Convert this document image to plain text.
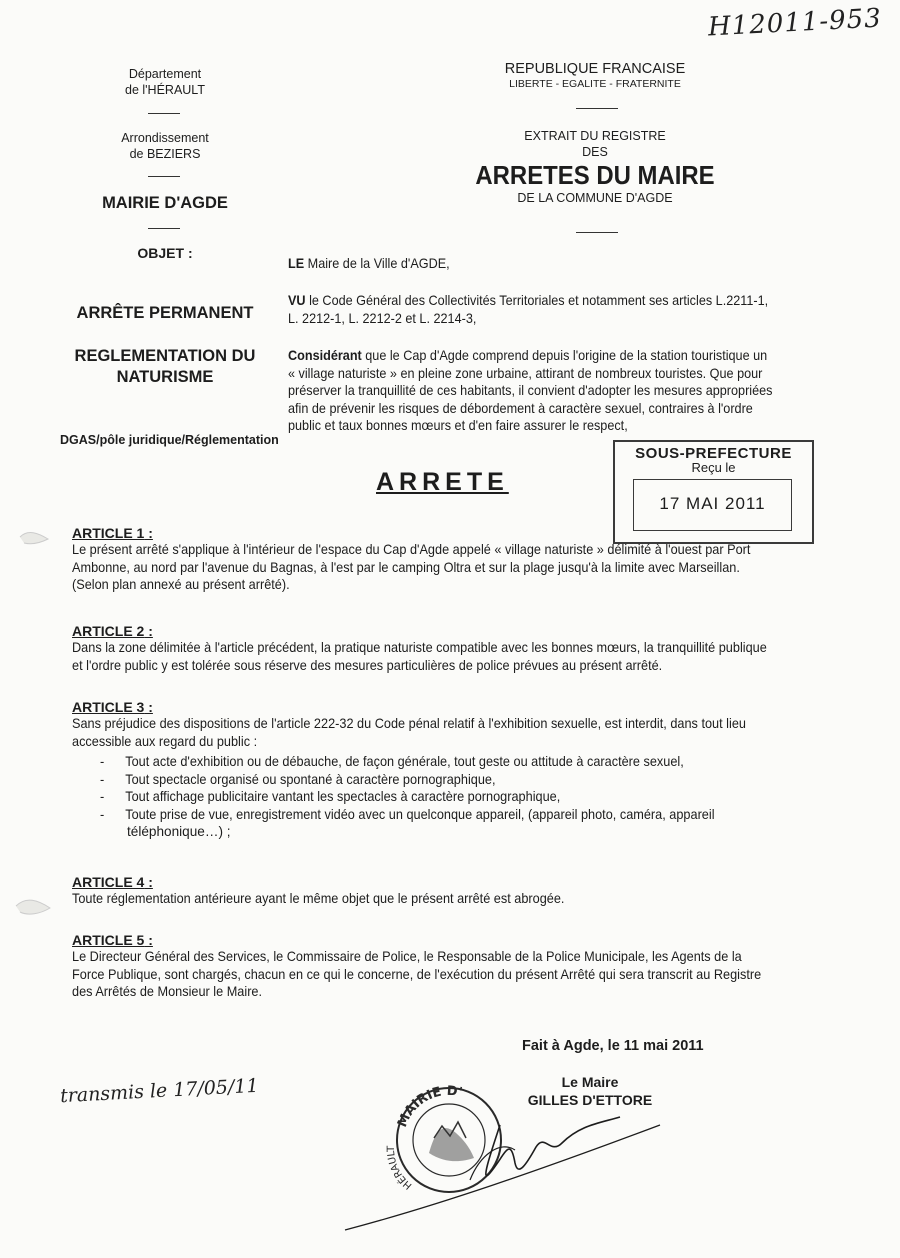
H12011-953
Département
de l'HÉRAULT
Arrondissement
de BEZIERS
MAIRIE D'AGDE
OBJET :
ARRÊTE PERMANENT
REGLEMENTATION DU
NATURISME
DGAS/pôle juridique/Réglementation
REPUBLIQUE FRANCAISE
LIBERTE - EGALITE - FRATERNITE
EXTRAIT DU REGISTRE
DES
ARRETES DU MAIRE
DE LA COMMUNE D'AGDE
LE Maire de la Ville d'AGDE,
VU le Code Général des Collectivités Territoriales et notamment ses articles L.2211-1,
L. 2212-1, L. 2212-2 et L. 2214-3,
Considérant que le Cap d'Agde comprend depuis l'origine de la station touristique un
« village naturiste » en pleine zone urbaine, attirant de nombreux touristes. Que pour
préserver la tranquillité de ces habitants, il convient d'adopter les mesures appropriées
afin de prévenir les risques de débordement à caractère sexuel, contraires à l'ordre
public et taux bonnes mœurs et d'en faire assurer le respect,
ARRETE
SOUS-PREFECTURE
Reçu le
17 MAI 2011
ARTICLE 1 :
Le présent arrêté s'applique à l'intérieur de l'espace du Cap d'Agde appelé « village naturiste » délimité à l'ouest par Port
Ambonne, au nord par l'avenue du Bagnas, à l'est par le camping Oltra et sur la plage jusqu'à la limite avec Marseillan.
(Selon plan annexé au présent arrêté).
ARTICLE 2 :
Dans la zone délimitée à l'article précédent, la pratique naturiste compatible avec les bonnes mœurs, la tranquillité publique
et l'ordre public y est tolérée sous réserve des mesures particulières de police prévues au présent arrêté.
ARTICLE 3 :
Sans préjudice des dispositions de l'article 222-32 du Code pénal relatif à l'exhibition sexuelle, est interdit, dans tout lieu
accessible aux regard du public :
- Tout acte d'exhibition ou de débauche, de façon générale, tout geste ou attitude à caractère sexuel,
- Tout spectacle organisé ou spontané à caractère pornographique,
- Tout affichage publicitaire vantant les spectacles à caractère pornographique,
- Toute prise de vue, enregistrement vidéo avec un quelconque appareil, (appareil photo, caméra, appareil
téléphonique…) ;
ARTICLE 4 :
Toute réglementation antérieure ayant le même objet que le présent arrêté est abrogée.
ARTICLE 5 :
Le Directeur Général des Services, le Commissaire de Police, le Responsable de la Police Municipale, les Agents de la
Force Publique, sont chargés, chacun en ce qui le concerne, de l'exécution du présent Arrêté qui sera transcrit au Registre
des Arrêtés de Monsieur le Maire.
Fait à Agde, le 11 mai 2011
Le Maire
GILLES D'ETTORE
transmis le 17/05/11
MAIRIE D'
HÉRAULT
